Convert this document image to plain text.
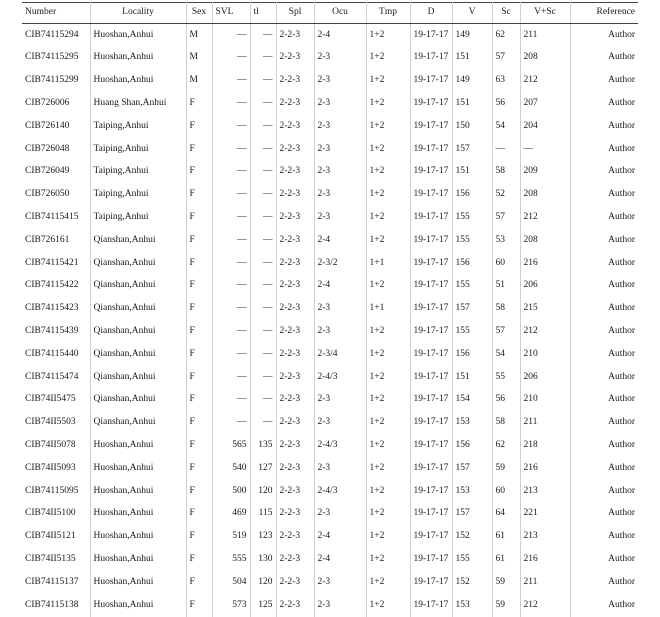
Number	Locality	Sex	SVL	tl	Spl	Ocu	Tmp	D	V	Sc	V+Sc	Reference
CIB74115294	Huoshan,Anhui	M	—	—	2-2-3	2-4	1+2	19-17-17	149	62	211	Author
CIB74115295	Huoshan,Anhui	M	—	—	2-2-3	2-3	1+2	19-17-17	151	57	208	Author
CIB74115299	Huoshan,Anhui	M	—	—	2-2-3	2-3	1+2	19-17-17	149	63	212	Author
CIB726006	Huang Shan,Anhui	F	—	—	2-2-3	2-3	1+2	19-17-17	151	56	207	Author
CIB726140	Taiping,Anhui	F	—	—	2-2-3	2-3	1+2	19-17-17	150	54	204	Author
CIB726048	Taiping,Anhui	F	—	—	2-2-3	2-3	1+2	19-17-17	157	—	—	Author
CIB726049	Taiping,Anhui	F	—	—	2-2-3	2-3	1+2	19-17-17	151	58	209	Author
CIB726050	Taiping,Anhui	F	—	—	2-2-3	2-3	1+2	19-17-17	156	52	208	Author
CIB74115415	Taiping,Anhui	F	—	—	2-2-3	2-3	1+2	19-17-17	155	57	212	Author
CIB726161	Qianshan,Anhui	F	—	—	2-2-3	2-4	1+2	19-17-17	155	53	208	Author
CIB74115421	Qianshan,Anhui	F	—	—	2-2-3	2-3/2	1+1	19-17-17	156	60	216	Author
CIB74115422	Qianshan,Anhui	F	—	—	2-2-3	2-4	1+2	19-17-17	155	51	206	Author
CIB74115423	Qianshan,Anhui	F	—	—	2-2-3	2-3	1+1	19-17-17	157	58	215	Author
CIB74115439	Qianshan,Anhui	F	—	—	2-2-3	2-3	1+2	19-17-17	155	57	212	Author
CIB74115440	Qianshan,Anhui	F	—	—	2-2-3	2-3/4	1+2	19-17-17	156	54	210	Author
CIB74115474	Qianshan,Anhui	F	—	—	2-2-3	2-4/3	1+2	19-17-17	151	55	206	Author
CIB74II5475	Qianshan,Anhui	F	—	—	2-2-3	2-3	1+2	19-17-17	154	56	210	Author
CIB74II5503	Qianshan,Anhui	F	—	—	2-2-3	2-3	1+2	19-17-17	153	58	211	Author
CIB74II5078	Huoshan,Anhui	F	565	135	2-2-3	2-4/3	1+2	19-17-17	156	62	218	Author
CIB74II5093	Huoshan,Anhui	F	540	127	2-2-3	2-3	1+2	19-17-17	157	59	216	Author
CIB74115095	Huoshan,Anhui	F	500	120	2-2-3	2-4/3	1+2	19-17-17	153	60	213	Author
CIB74II5100	Huoshan,Anhui	F	469	115	2-2-3	2-3	1+2	19-17-17	157	64	221	Author
CIB74II5121	Huoshan,Anhui	F	519	123	2-2-3	2-4	1+2	19-17-17	152	61	213	Author
CIB74II5135	Huoshan,Anhui	F	555	130	2-2-3	2-4	1+2	19-17-17	155	61	216	Author
CIB74115137	Huoshan,Anhui	F	504	120	2-2-3	2-3	1+2	19-17-17	152	59	211	Author
CIB74115138	Huoshan,Anhui	F	573	125	2-2-3	2-3	1+2	19-17-17	153	59	212	Author
